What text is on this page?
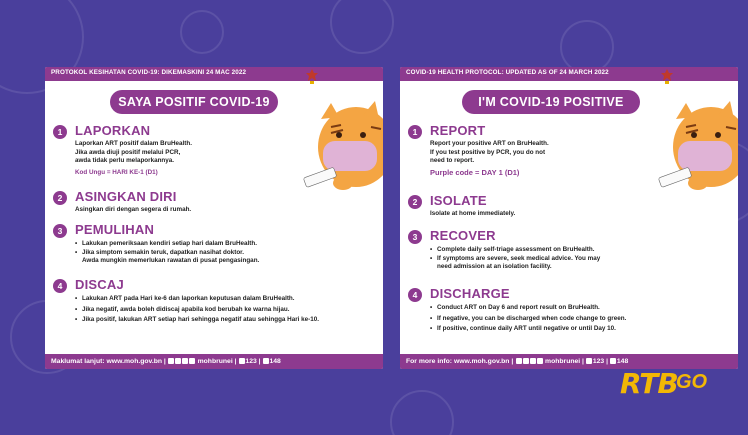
PROTOKOL KESIHATAN COVID-19: DIKEMASKINI 24 MAC 2022
SAYA POSITIF COVID-19
1 LAPORKAN
Laporkan ART positif dalam BruHealth.
Jika awda diuji positif melalui PCR,
awda tidak perlu melaporkannya.
Kod Ungu = HARI KE-1 (D1)
2 ASINGKAN DIRI
Asingkan diri dengan segera di rumah.
3 PEMULIHAN
• Lakukan pemeriksaan kendiri setiap hari dalam BruHealth.
• Jika simptom semakin teruk, dapatkan nasihat doktor.
Awda mungkin memerlukan rawatan di pusat pengasingan.
4 DISCAJ
• Lakukan ART pada Hari ke-6 dan laporkan keputusan dalam BruHealth.
• Jika negatif, awda boleh didiscaj apabila kod berubah ke warna hijau.
• Jika positif, lakukan ART setiap hari sehingga negatif atau sehingga Hari ke-10.
Maklumat lanjut: www.moh.gov.bn |	mohbrunei | 123 | 148
COVID-19 HEALTH PROTOCOL: UPDATED AS OF 24 MARCH 2022
I'M COVID-19 POSITIVE
1 REPORT
Report your positive ART on BruHealth.
If you test positive by PCR, you do not
need to report.
Purple code = DAY 1 (D1)
2 ISOLATE
Isolate at home immediately.
3 RECOVER
• Complete daily self-triage assessment on BruHealth.
• If symptoms are severe, seek medical advice. You may
need admission at an isolation facility.
4 DISCHARGE
• Conduct ART on Day 6 and report result on BruHealth.
• If negative, you can be discharged when code change to green.
• If positive, continue daily ART until negative or until Day 10.
For more info: www.moh.gov.bn |	mohbrunei | 123 | 148
RTB
GO
